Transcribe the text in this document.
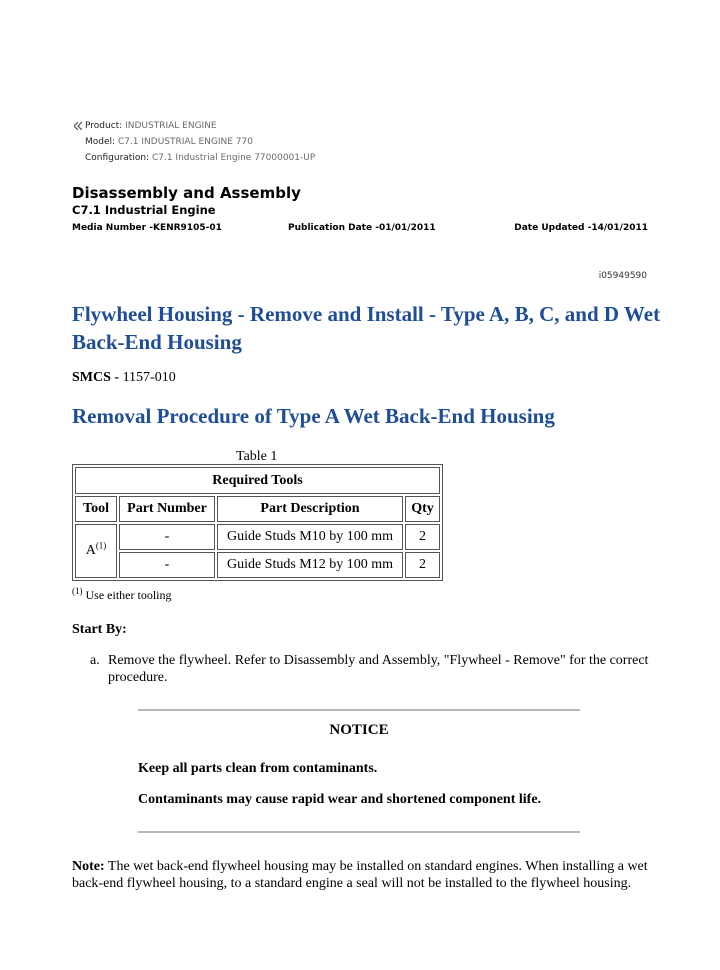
Product: INDUSTRIAL ENGINE
Model: C7.1 INDUSTRIAL ENGINE 770
Configuration: C7.1 Industrial Engine 77000001-UP
Disassembly and Assembly
C7.1 Industrial Engine
Media Number -KENR9105-01	Publication Date -01/01/2011	Date Updated -14/01/2011
i05949590
Flywheel Housing - Remove and Install - Type A, B, C, and D Wet Back-End Housing
SMCS - 1157-010
Removal Procedure of Type A Wet Back-End Housing
Table 1
Required Tools			
Tool	Part Number	Part Description	Qty
$A^{(1)}$	-	Guide Studs M10 by 100 mm	2
	-	Guide Studs M12 by 100 mm	2
$^{(1)}$ Use either tooling
Start By:
a. Remove the flywheel. Refer to Disassembly and Assembly, "Flywheel - Remove" for the correct procedure.
NOTICE
Keep all parts clean from contaminants.
Contaminants may cause rapid wear and shortened component life.
Note: The wet back-end flywheel housing may be installed on standard engines. When installing a wet back-end flywheel housing, to a standard engine a seal will not be installed to the flywheel housing.
